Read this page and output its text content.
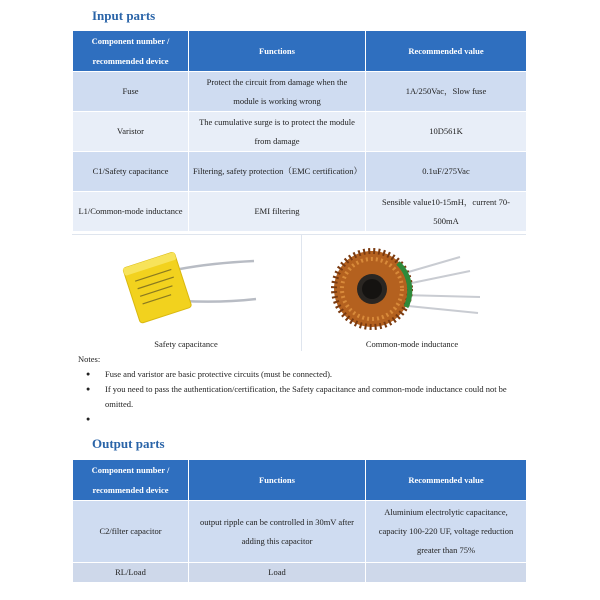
Input parts
Component number / recommended device	Functions	Recommended value
Fuse	Protect the circuit from damage when the module is working wrong	1A/250Vac，Slow fuse
Varistor	The cumulative surge is to protect the module from damage	10D561K
C1/Safety capacitance	Filtering, safety protection（EMC certification）	0.1uF/275Vac
L1/Common-mode inductance	EMI filtering	Sensible value10-15mH，current 70-500mA
Safety capacitance	Common-mode inductance
Notes:
● Fuse and varistor are basic protective circuits (must be connected).
● If you need to pass the authentication/certification, the Safety capacitance and common-mode inductance could not be omitted.
●
Output parts
Component number / recommended device	Functions	Recommended value
C2/filter capacitor	output ripple can be controlled in 30mV after adding this capacitor	Aluminium electrolytic capacitance, capacity 100-220 UF, voltage reduction greater than 75%
RL/Load	Load	
